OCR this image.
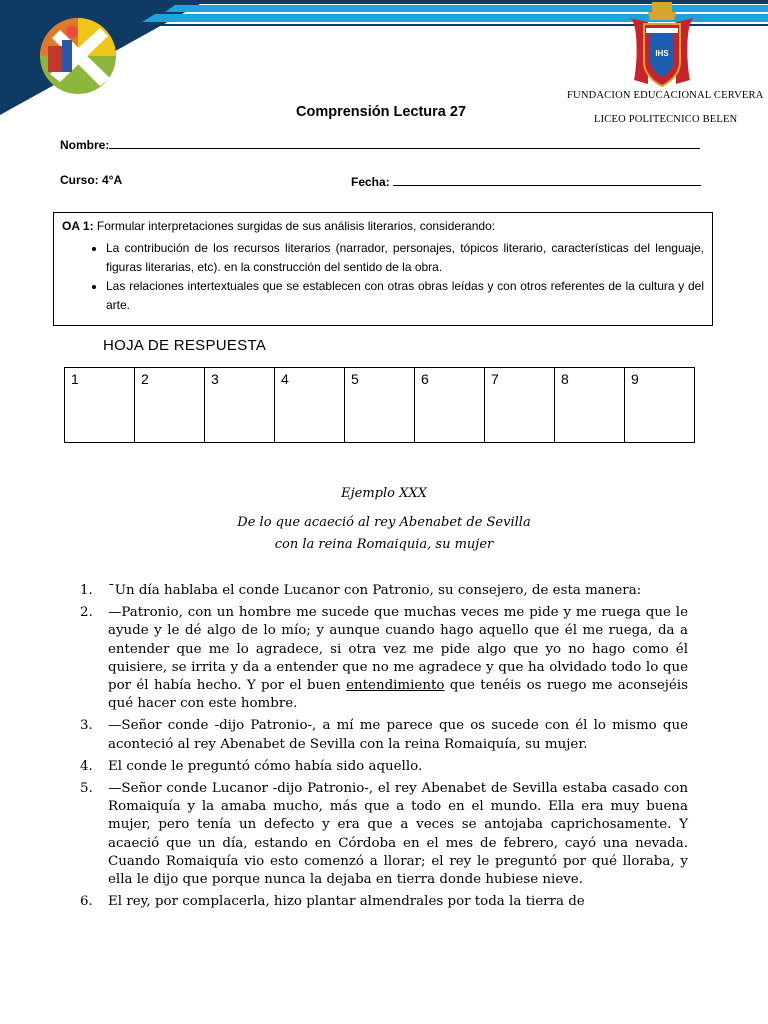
IHS
FUNDACION EDUCACIONAL CERVERA
LICEO POLITECNICO BELEN
Comprensión Lectura 27
Nombre:
Curso: 4°A	Fecha:
OA 1: Formular interpretaciones surgidas de sus análisis literarios, considerando:
• La contribución de los recursos literarios (narrador, personajes, tópicos literario, características del lenguaje, figuras literarias, etc). en la construcción del sentido de la obra.
• Las relaciones intertextuales que se establecen con otras obras leídas y con otros referentes de la cultura y del arte.
HOJA DE RESPUESTA
1	2	3	4	5	6	7	8	9
Ejemplo XXX
De lo que acaeció al rey Abenabet de Sevilla
con la reina Romaiquia, su mujer
1. ¯Un día hablaba el conde Lucanor con Patronio, su consejero, de esta manera:
2. —Patronio, con un hombre me sucede que muchas veces me pide y me ruega que le ayude y le dé algo de lo mío; y aunque cuando hago aquello que él me ruega, da a entender que me lo agradece, si otra vez me pide algo que yo no hago como él quisiere, se irrita y da a entender que no me agradece y que ha olvidado todo lo que por él había hecho. Y por el buen entendimiento que tenéis os ruego me aconsejéis qué hacer con este hombre.
3. —Señor conde -dijo Patronio-, a mí me parece que os sucede con él lo mismo que aconteció al rey Abenabet de Sevilla con la reina Romaiquía, su mujer.
4. El conde le preguntó cómo había sido aquello.
5. —Señor conde Lucanor -dijo Patronio-, el rey Abenabet de Sevilla estaba casado con Romaiquía y la amaba mucho, más que a todo en el mundo. Ella era muy buena mujer, pero tenía un defecto y era que a veces se antojaba caprichosamente. Y acaeció que un día, estando en Córdoba en el mes de febrero, cayó una nevada. Cuando Romaiquía vio esto comenzó a llorar; el rey le preguntó por qué lloraba, y ella le dijo que porque nunca la dejaba en tierra donde hubiese nieve.
6. El rey, por complacerla, hizo plantar almendrales por toda la tierra de
